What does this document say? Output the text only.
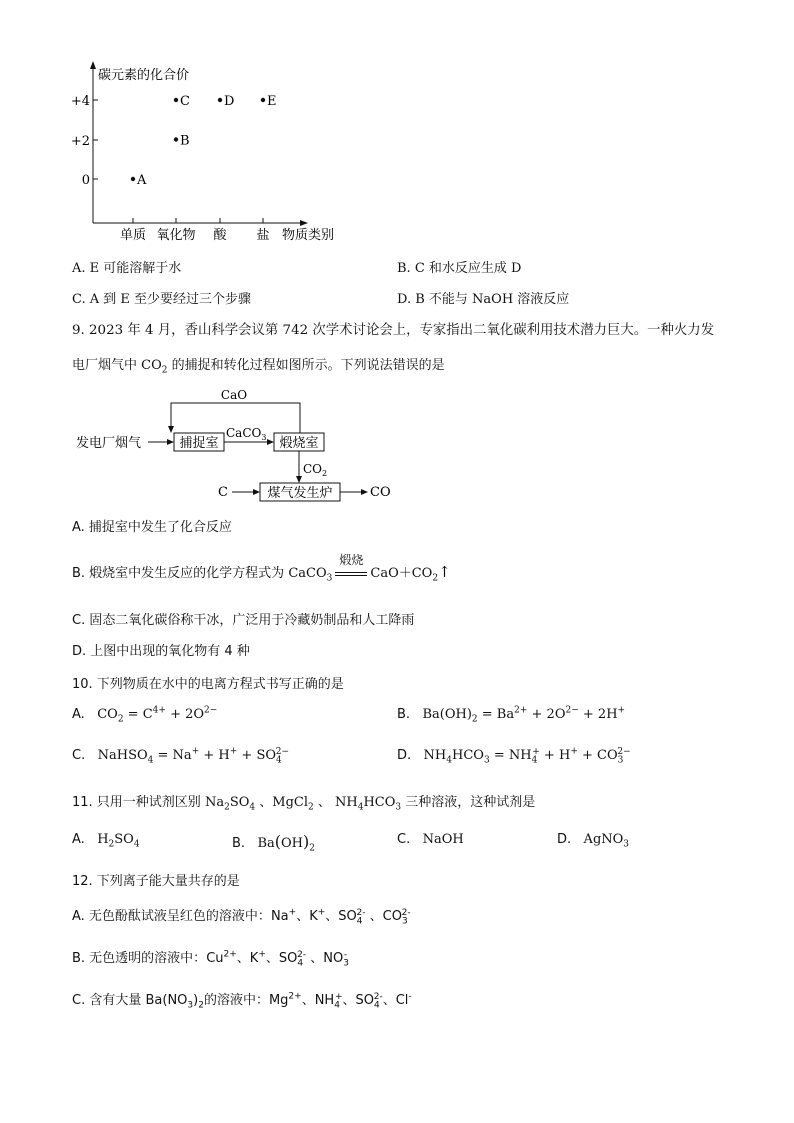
碳元素的化合价
+4
+2
0
单质 氧化物 酸 盐 物质类别
A
B
C	D	E
A. E 可能溶解于水	B. C 和水反应生成 D
C. A 到 E 至少要经过三个步骤	D. B 不能与 NaOH 溶液反应
9. 2023 年 4 月，香山科学会议第 742 次学术讨论会上，专家指出二氧化碳利用技术潜力巨大。一种火力发
电厂烟气中 $CO_2$ 的捕捉和转化过程如图所示。下列说法错误的是
CaO
发电厂烟气	捕捉室
CaCO$_3$ 煅烧室
$CO_2$
煤气发生炉
C	CO
A. 捕捉室中发生了化合反应
B. 煅烧室中发生反应的化学方程式为 CaCO$_3$
煅烧
$CaO+CO_2↑$
C. 固态二氧化碳俗称干冰，广泛用于冷藏奶制品和人工降雨
D. 上图中出现的氧化物有 4 种
10. 下列物质在水中的电离方程式书写正确的是
A.   $CO_2 = C^{4+} + 2O^{2-}$	B.   $Ba(OH)_2 = Ba^{2+} + 2O^{2-} + 2H^+$
C.   NaHSO$_4$ = $Na^+ + H^+ + SO_4^{2-}$	D.   $NH_4HCO_3 = NH_4^+ + H^+ + CO_3^{2-}$
11. 只用一种试剂区别 $Na_2SO_4$ 、MgCl$_2$ 、 $NH_4HCO_3$ 三种溶液，这种试剂是
A.   $H_2SO_4$	B.   $Ba(OH)_2$
C. NaOH	D.   AgNO$_3$
12. 下列离子能大量共存的是
A. 无色酚酞试液呈红色的溶液中：Na+、K+、$SO_4^{2-}$ 、$CO_3^{2-}$
B. 无色透明的溶液中：$Cu^{2+}$、K+、$SO_4^{2-}$ 、$NO_3^-$
C. 含有大量 $Ba(NO_3)_2$的溶液中：$Mg^{2+}$、$NH_4^+$、$SO_4^{2-}$、Cl-
